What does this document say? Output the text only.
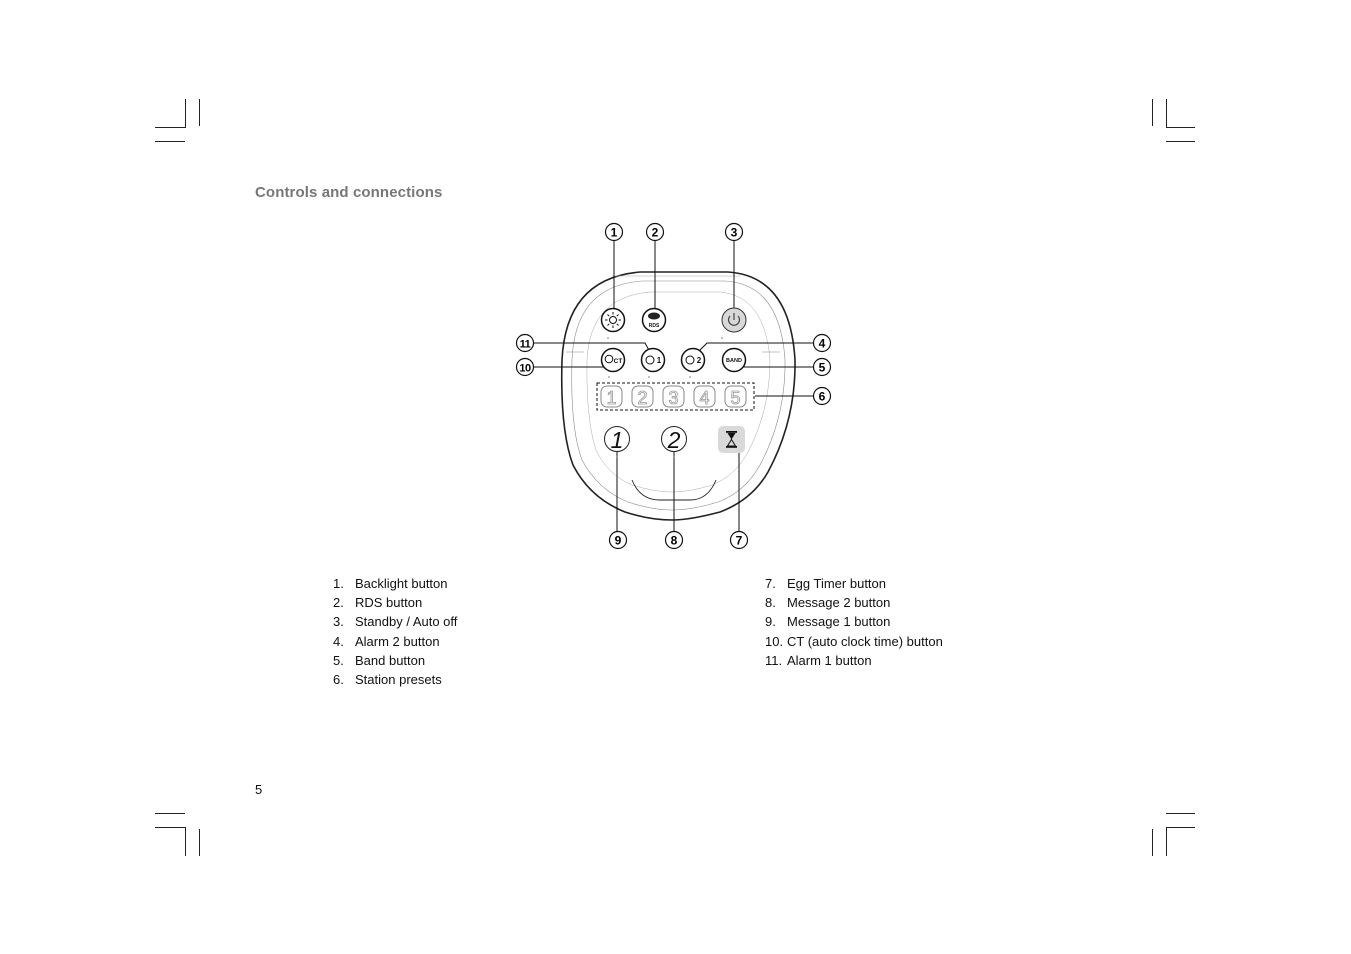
Controls and connections
RDS
CT	1	2	BAND
1 2 3 4 5
1 2
1	2	3
4
5
6
7
8
9
10
11
1. Backlight button
2. RDS button
3. Standby / Auto off
4. Alarm 2 button
5. Band button
6. Station presets
7. Egg Timer button
8. Message 2 button
9. Message 1 button
10. CT (auto clock time) button
11. Alarm 1 button
5
